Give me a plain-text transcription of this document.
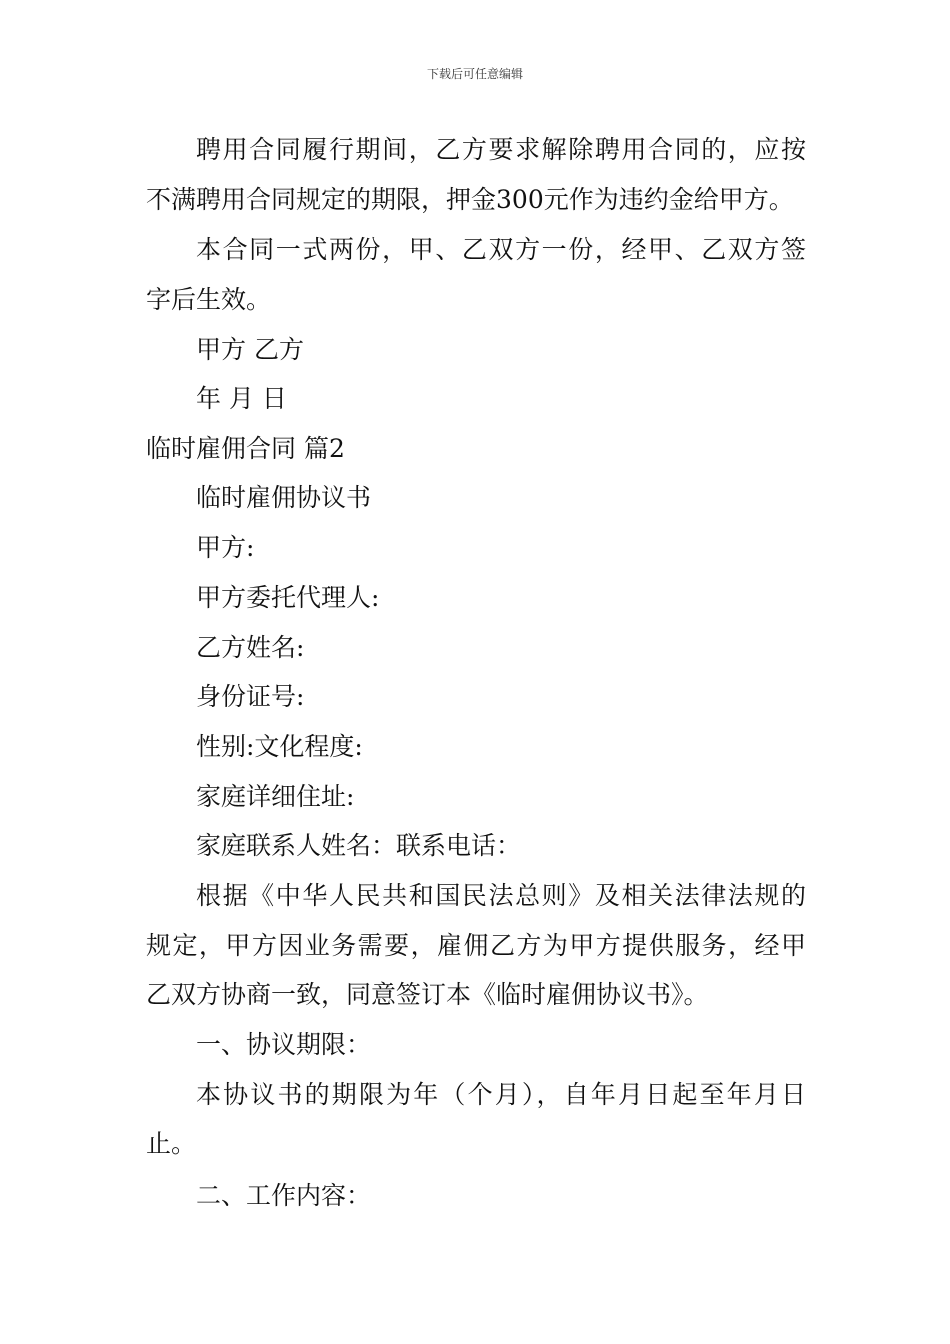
下载后可任意编辑
聘用合同履行期间，乙方要求解除聘用合同的，应按
不满聘用合同规定的期限，押金300元作为违约金给甲方。
本合同一式两份，甲、乙双方一份，经甲、乙双方签
字后生效。
甲方 乙方
年 月 日
临时雇佣合同 篇2
临时雇佣协议书
甲方:
甲方委托代理人:
乙方姓名:
身份证号:
性别:文化程度:
家庭详细住址:
家庭联系人姓名：联系电话：
根据《中华人民共和国民法总则》及相关法律法规的
规定，甲方因业务需要，雇佣乙方为甲方提供服务，经甲
乙双方协商一致，同意签订本《临时雇佣协议书》。
一、协议期限：
本协议书的期限为年（个月），自年月日起至年月日
止。
二、工作内容：
